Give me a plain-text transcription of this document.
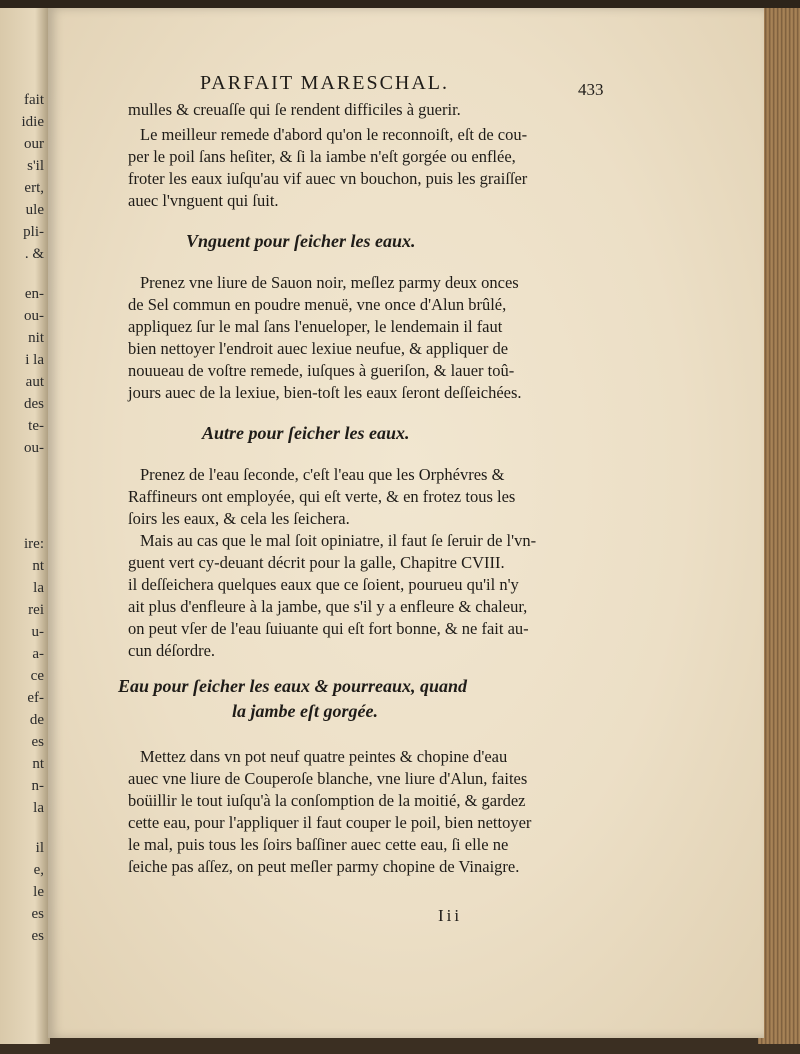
fait
idie
our
s'il
ert,
ule
pli-
. &
en-
ou-
nit
i la
aut
des
te-
ou-
ire:
nt
la
rei
u-
a-
ce
ef-
de
es
nt
n-
la
il
e,
le
es
es
PARFAIT MARESCHAL.	433
mulles & creuaſſe qui ſe rendent difficiles à guerir.
Le meilleur remede d'abord qu'on le reconnoiſt, eſt de cou-
per le poil ſans heſiter, & ſi la iambe n'eſt gorgée ou enflée,
froter les eaux iuſqu'au vif auec vn bouchon, puis les graiſſer
auec l'vnguent qui ſuit.
Vnguent pour ſeicher les eaux.
Prenez vne liure de Sauon noir, meſlez parmy deux onces
de Sel commun en poudre menuë, vne once d'Alun brûlé,
appliquez ſur le mal ſans l'enueloper, le lendemain il faut
bien nettoyer l'endroit auec lexiue neufue, & appliquer de
nouueau de voſtre remede, iuſques à gueriſon, & lauer toû-
jours auec de la lexiue, bien-toſt les eaux ſeront deſſeichées.
Autre pour ſeicher les eaux.
Prenez de l'eau ſeconde, c'eſt l'eau que les Orphévres &
Raffineurs ont employée, qui eſt verte, & en frotez tous les
ſoirs les eaux, & cela les ſeichera.
Mais au cas que le mal ſoit opiniatre, il faut ſe ſeruir de l'vn-
guent vert cy-deuant décrit pour la galle, Chapitre CVIII.
il deſſeichera quelques eaux que ce ſoient, pourueu qu'il n'y
ait plus d'enfleure à la jambe, que s'il y a enfleure & chaleur,
on peut vſer de l'eau ſuiuante qui eſt fort bonne, & ne fait au-
cun déſordre.
Eau pour ſeicher les eaux & pourreaux, quand
la jambe eſt gorgée.
Mettez dans vn pot neuf quatre peintes & chopine d'eau
auec vne liure de Couperoſe blanche, vne liure d'Alun, faites
boüillir le tout iuſqu'à la conſomption de la moitié, & gardez
cette eau, pour l'appliquer il faut couper le poil, bien nettoyer
le mal, puis tous les ſoirs baſſiner auec cette eau, ſi elle ne
ſeiche pas aſſez, on peut meſler parmy chopine de Vinaigre.
Iii
